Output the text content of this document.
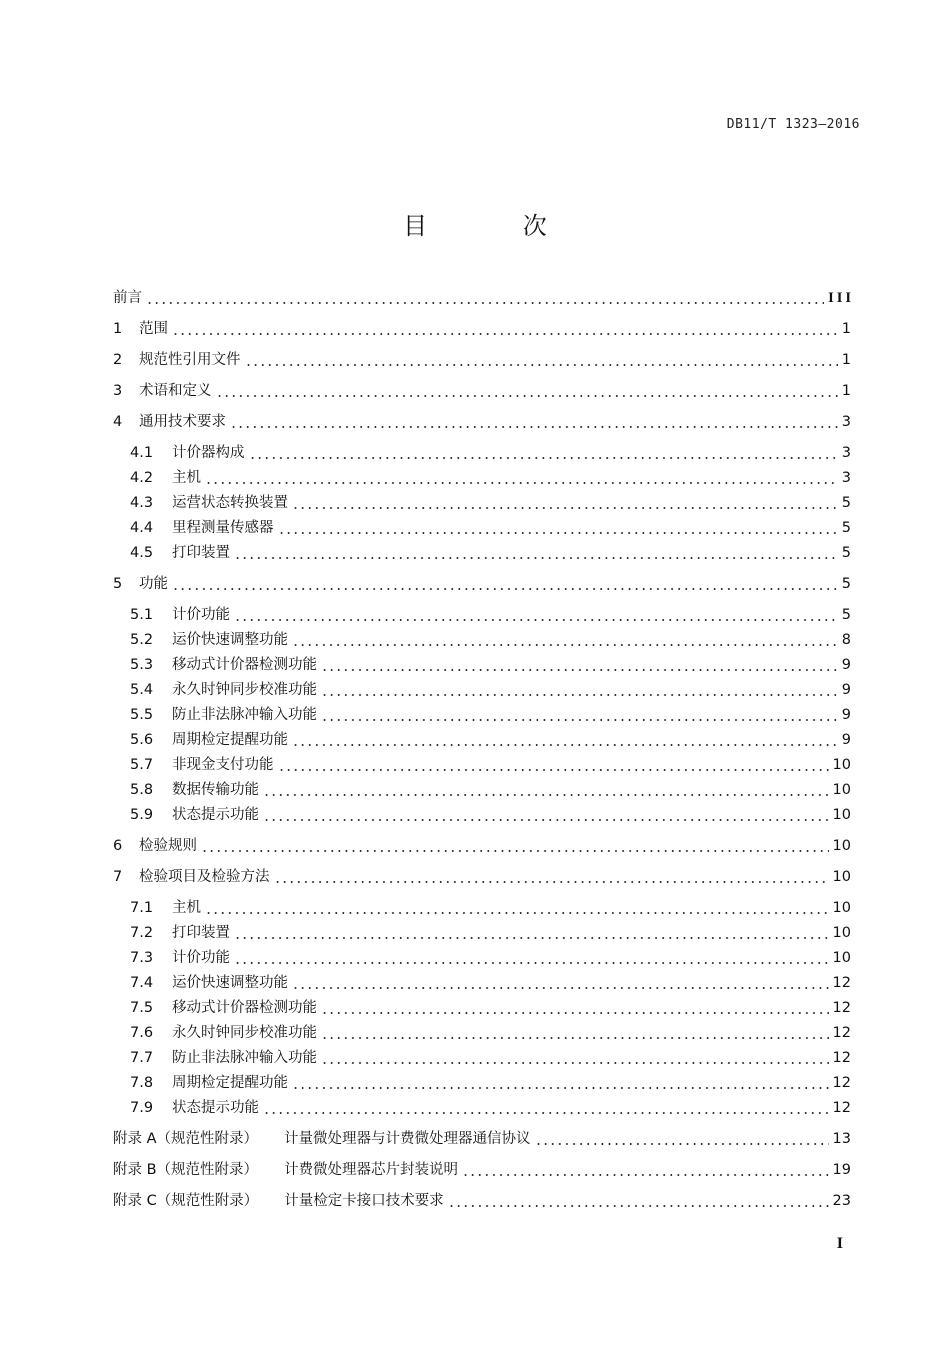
DB11/T 1323—2016
目 次
前言	III
1	范围	1
2	规范性引用文件	1
3	术语和定义	1
4	通用技术要求	3
4.1	计价器构成	3
4.2	主机	3
4.3	运营状态转换装置	5
4.4	里程测量传感器	5
4.5	打印装置	5
5	功能	5
5.1	计价功能	5
5.2	运价快速调整功能	8
5.3	移动式计价器检测功能	9
5.4	永久时钟同步校准功能	9
5.5	防止非法脉冲输入功能	9
5.6	周期检定提醒功能	9
5.7	非现金支付功能	10
5.8	数据传输功能	10
5.9	状态提示功能	10
6	检验规则	10
7	检验项目及检验方法	10
7.1	主机	10
7.2	打印装置	10
7.3	计价功能	10
7.4	运价快速调整功能	12
7.5	移动式计价器检测功能	12
7.6	永久时钟同步校准功能	12
7.7	防止非法脉冲输入功能	12
7.8	周期检定提醒功能	12
7.9	状态提示功能	12
附录 A（规范性附录） 计量微处理器与计费微处理器通信协议	13
附录 B（规范性附录） 计费微处理器芯片封装说明	19
附录 C（规范性附录） 计量检定卡接口技术要求	23
I
